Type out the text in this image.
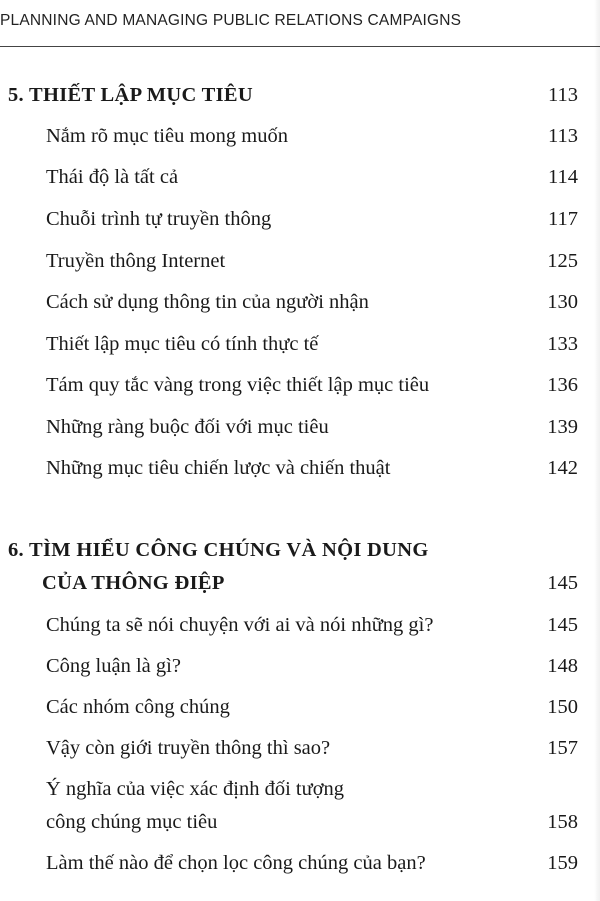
PLANNING AND MANAGING PUBLIC RELATIONS CAMPAIGNS
5. THIẾT LẬP MỤC TIÊU	113
Nắm rõ mục tiêu mong muốn	113
Thái độ là tất cả	114
Chuỗi trình tự truyền thông	117
Truyền thông Internet	125
Cách sử dụng thông tin của người nhận	130
Thiết lập mục tiêu có tính thực tế	133
Tám quy tắc vàng trong việc thiết lập mục tiêu	136
Những ràng buộc đối với mục tiêu	139
Những mục tiêu chiến lược và chiến thuật	142
6. TÌM HIỂU CÔNG CHÚNG VÀ NỘI DUNG
CỦA THÔNG ĐIỆP	145
Chúng ta sẽ nói chuyện với ai và nói những gì?	145
Công luận là gì?	148
Các nhóm công chúng	150
Vậy còn giới truyền thông thì sao?	157
Ý nghĩa của việc xác định đối tượng
công chúng mục tiêu	158
Làm thế nào để chọn lọc công chúng của bạn?	159
